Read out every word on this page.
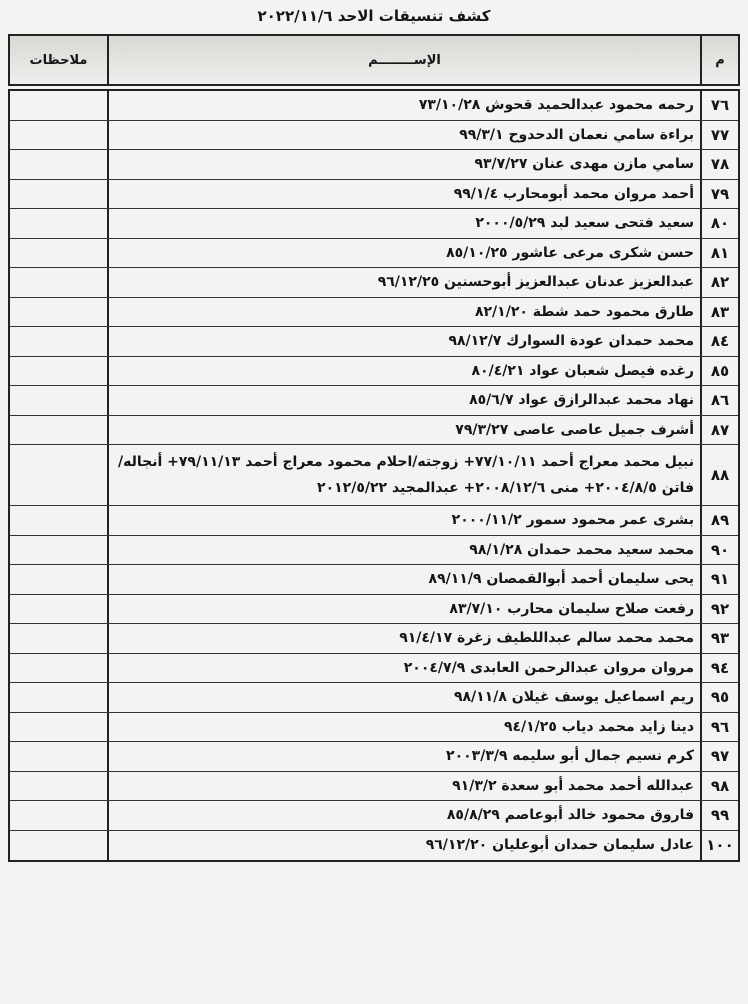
كشف تنسيقات الاحد ٢٠٢٢/١١/٦
م
الإســــــــم
ملاحظات
٧٦
رحمه محمود عبدالحميد قحوش ٧٣/١٠/٢٨
٧٧
براءة سامي نعمان الدحدوح ٩٩/٣/١
٧٨
سامي مازن مهدى عنان ٩٣/٧/٢٧
٧٩
أحمد مروان محمد أبومحارب ٩٩/١/٤
٨٠
سعيد فتحى سعيد لبد ٢٠٠٠/٥/٢٩
٨١
حسن شكرى مرعى عاشور ٨٥/١٠/٢٥
٨٢
عبدالعزيز عدنان عبدالعزيز أبوحسنين ٩٦/١٢/٢٥
٨٣
طارق محمود حمد شطة ٨٢/١/٢٠
٨٤
محمد حمدان عودة السوارك ٩٨/١٢/٧
٨٥
رغده فيصل شعبان عواد ٨٠/٤/٢١
٨٦
نهاد محمد عبدالرازق عواد ٨٥/٦/٧
٨٧
أشرف جميل عاصى عاصى ٧٩/٣/٢٧
٨٨
نبيل محمد معراج أحمد ٧٧/١٠/١١+ زوجته/احلام محمود معراج أحمد ٧٩/١١/١٣+ أنجاله/ فاتن ٢٠٠٤/٨/٥+ منى ٢٠٠٨/١٢/٦+ عبدالمجيد ٢٠١٢/٥/٢٢
٨٩
بشرى عمر محمود سمور ٢٠٠٠/١١/٢
٩٠
محمد سعيد محمد حمدان ٩٨/١/٢٨
٩١
يحى سليمان أحمد أبوالقمصان ٨٩/١١/٩
٩٢
رفعت صلاح سليمان محارب ٨٣/٧/١٠
٩٣
محمد محمد سالم عبداللطيف زغرة ٩١/٤/١٧
٩٤
مروان مروان عبدالرحمن العابدى ٢٠٠٤/٧/٩
٩٥
ريم اسماعيل يوسف غيلان ٩٨/١١/٨
٩٦
دينا زايد محمد دياب ٩٤/١/٢٥
٩٧
كرم نسيم جمال أبو سليمه ٢٠٠٣/٣/٩
٩٨
عبدالله أحمد محمد أبو سعدة ٩١/٣/٢
٩٩
فاروق محمود خالد أبوعاصم ٨٥/٨/٢٩
١٠٠
عادل سليمان حمدان أبوعليان ٩٦/١٢/٢٠
